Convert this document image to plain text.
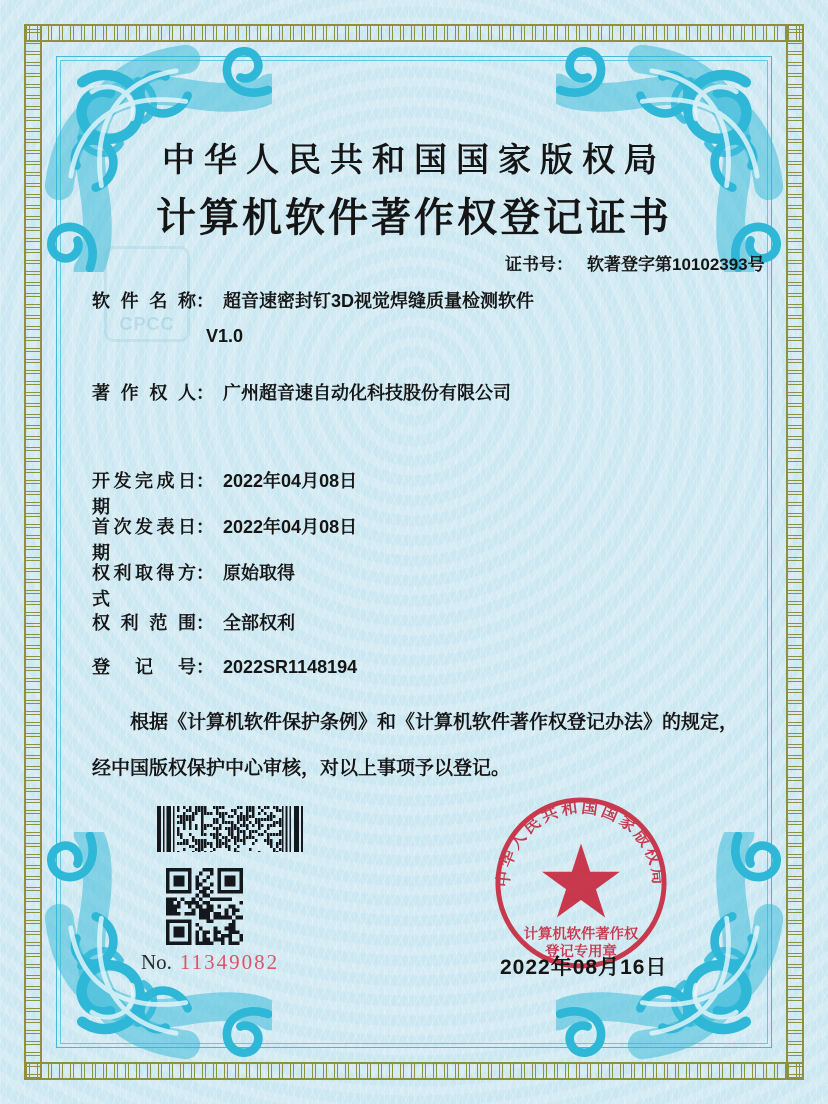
CPCC
中华人民共和国国家版权局
计算机软件著作权登记证书
证书号： 软著登字第10102393号
软件名称： 超音速密封钉3D视觉焊缝质量检测软件
V1.0
著作权人： 广州超音速自动化科技股份有限公司
开发完成日期： 2022年04月08日
首次发表日期： 2022年04月08日
权利取得方式： 原始取得
权利范围： 全部权利
登记号： 2022SR1148194
根据《计算机软件保护条例》和《计算机软件著作权登记办法》的规定，经中国版权保护中心审核，对以上事项予以登记。
No. 11349082
中华人民共和国国家版权局
计算机软件著作权
登记专用章
2022年08月16日
